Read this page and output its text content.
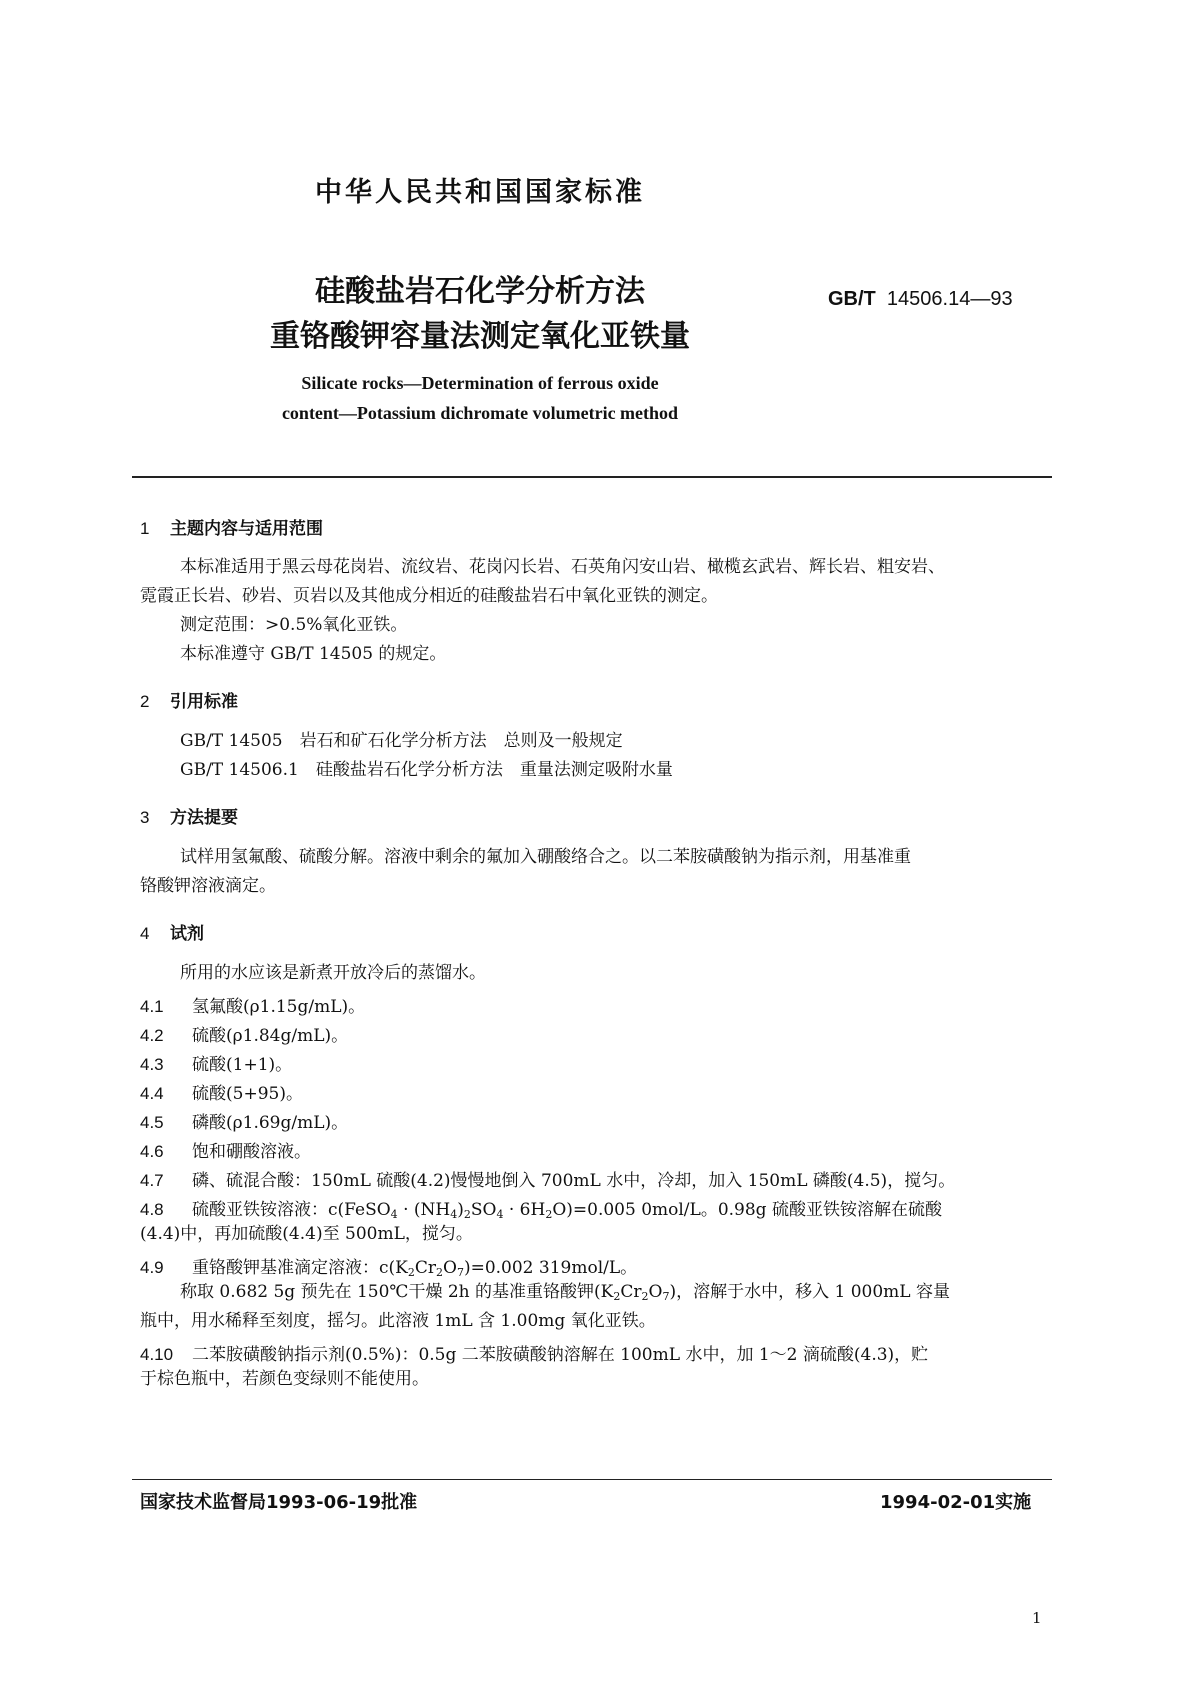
中华人民共和国国家标准
硅酸盐岩石化学分析方法
重铬酸钾容量法测定氧化亚铁量
GB/T 14506.14—93
Silicate rocks—Determination of ferrous oxide
content—Potassium dichromate volumetric method
1 主题内容与适用范围
本标准适用于黑云母花岗岩、流纹岩、花岗闪长岩、石英角闪安山岩、橄榄玄武岩、辉长岩、粗安岩、
霓霞正长岩、砂岩、页岩以及其他成分相近的硅酸盐岩石中氧化亚铁的测定。
测定范围：>0.5%氧化亚铁。
本标准遵守 GB/T 14505 的规定。
2 引用标准
GB/T 14505　岩石和矿石化学分析方法　总则及一般规定
GB/T 14506.1　硅酸盐岩石化学分析方法　重量法测定吸附水量
3 方法提要
试样用氢氟酸、硫酸分解。溶液中剩余的氟加入硼酸络合之。以二苯胺磺酸钠为指示剂，用基准重
铬酸钾溶液滴定。
4 试剂
所用的水应该是新煮开放冷后的蒸馏水。
4.1 氢氟酸(ρ1.15g/mL)。
4.2 硫酸(ρ1.84g/mL)。
4.3 硫酸(1+1)。
4.4 硫酸(5+95)。
4.5 磷酸(ρ1.69g/mL)。
4.6 饱和硼酸溶液。
4.7 磷、硫混合酸：150mL 硫酸(4.2)慢慢地倒入 700mL 水中，冷却，加入 150mL 磷酸(4.5)，搅匀。
4.8 硫酸亚铁铵溶液：c(FeSO$_4$ · $(NH_4)_2SO_4 \cdot 6H_2O)=0.005$ 0mol/L。0.98g 硫酸亚铁铵溶解在硫酸
(4.4)中，再加硫酸(4.4)至 500mL，搅匀。
4.9 重铬酸钾基准滴定溶液：$c(K_2Cr_2O_7)=0.002$ 319mol/L。
称取 0.682 5g 预先在 150℃干燥 2h 的基准重铬酸钾$(K_2Cr_2O_7)$，溶解于水中，移入 1 000mL 容量
瓶中，用水稀释至刻度，摇匀。此溶液 1mL 含 1.00mg 氧化亚铁。
4.10 二苯胺磺酸钠指示剂(0.5%)：0.5g 二苯胺磺酸钠溶解在 100mL 水中，加 1～2 滴硫酸(4.3)，贮
于棕色瓶中，若颜色变绿则不能使用。
国家技术监督局1993-06-19批准	1994-02-01实施
1
